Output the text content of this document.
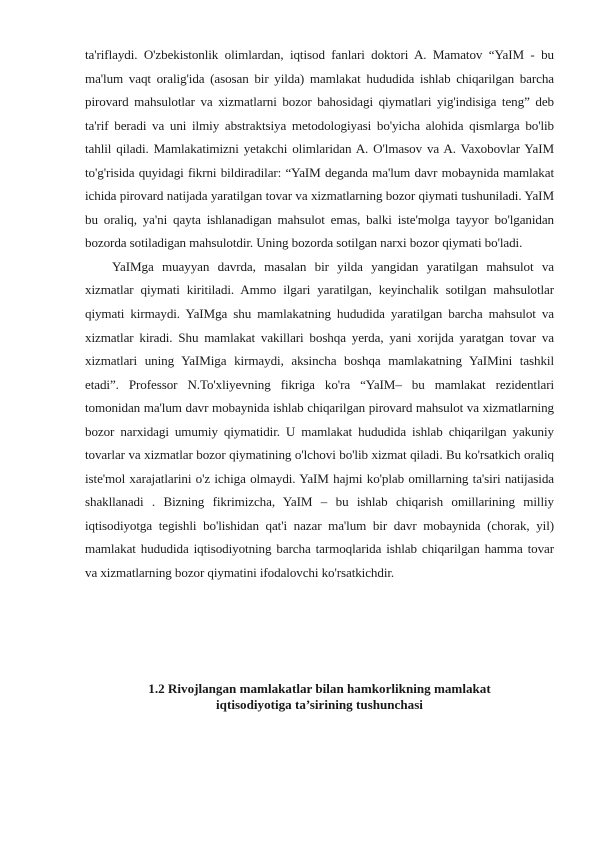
ta'riflaydi. O'zbekistonlik olimlardan, iqtisod fanlari doktori A. Mamatov “YaIM - bu ma'lum vaqt oralig'ida (asosan bir yilda) mamlakat hududida ishlab chiqarilgan barcha pirovard mahsulotlar va xizmatlarni bozor bahosidagi qiymatlari yig'indisiga teng” deb ta'rif beradi va uni ilmiy abstraktsiya metodologiyasi bo'yicha alohida qismlarga bo'lib tahlil qiladi. Mamlakatimizni yetakchi olimlaridan A. O'lmasov va A. Vaxobovlar YaIM to'g'risida quyidagi fikrni bildiradilar: “YaIM deganda ma'lum davr mobaynida mamlakat ichida pirovard natijada yaratilgan tovar va xizmatlarning bozor qiymati tushuniladi. YaIM bu oraliq, ya'ni qayta ishlanadigan mahsulot emas, balki iste'molga tayyor bo'lganidan bozorda sotiladigan mahsulotdir. Uning bozorda sotilgan narxi bozor qiymati bo'ladi.

YaIMga muayyan davrda, masalan bir yilda yangidan yaratilgan mahsulot va xizmatlar qiymati kiritiladi. Ammo ilgari yaratilgan, keyinchalik sotilgan mahsulotlar qiymati kirmaydi. YaIMga shu mamlakatning hududida yaratilgan barcha mahsulot va xizmatlar kiradi. Shu mamlakat vakillari boshqa yerda, yani xorijda yaratgan tovar va xizmatlari uning YaIMiga kirmaydi, aksincha boshqa mamlakatning YaIMini tashkil etadi”. Professor N.To'xliyevning fikriga ko'ra “YaIM– bu mamlakat rezidentlari tomonidan ma'lum davr mobaynida ishlab chiqarilgan pirovard mahsulot va xizmatlarning bozor narxidagi umumiy qiymatidir. U mamlakat hududida ishlab chiqarilgan yakuniy tovarlar va xizmatlar bozor qiymatining o'lchovi bo'lib xizmat qiladi. Bu ko'rsatkich oraliq iste'mol xarajatlarini o'z ichiga olmaydi. YaIM hajmi ko'plab omillarning ta'siri natijasida shakllanadi . Bizning fikrimizcha, YaIM – bu ishlab chiqarish omillarining milliy iqtisodiyotga tegishli bo'lishidan qat'i nazar ma'lum bir davr mobaynida (chorak, yil) mamlakat hududida iqtisodiyotning barcha tarmoqlarida ishlab chiqarilgan hamma tovar va xizmatlarning bozor qiymatini ifodalovchi ko'rsatkichdir.

1.2 Rivojlangan mamlakatlar bilan hamkorlikning mamlakat
iqtisodiyotiga ta’sirining tushunchasi
